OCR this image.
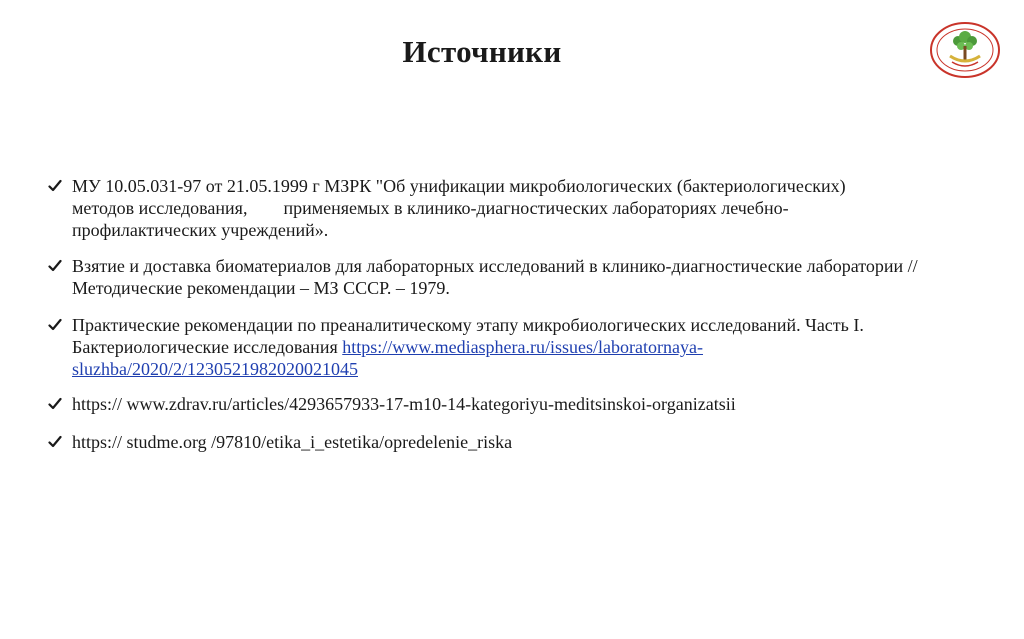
Источники
МУ 10.05.031-97 от 21.05.1999 г МЗРК "Об унификации микробиологических (бактериологических)
методов исследования, применяемых в клинико-диагностических лабораториях лечебно-
профилактических учреждений».
Взятие и доставка биоматериалов для лабораторных исследований в клинико-диагностические лаборатории // Методические рекомендации – МЗ СССР. – 1979.
Практические рекомендации по преаналитическому этапу микробиологических исследований. Часть I. Бактериологические исследования https://www.mediasphera.ru/issues/laboratornaya-sluzhba/2020/2/1230521982020021045
https:// www.zdrav.ru/articles/4293657933-17-m10-14-kategoriyu-meditsinskoi-organizatsii
https:// studme.org /97810/etika_i_estetika/opredelenie_riska
